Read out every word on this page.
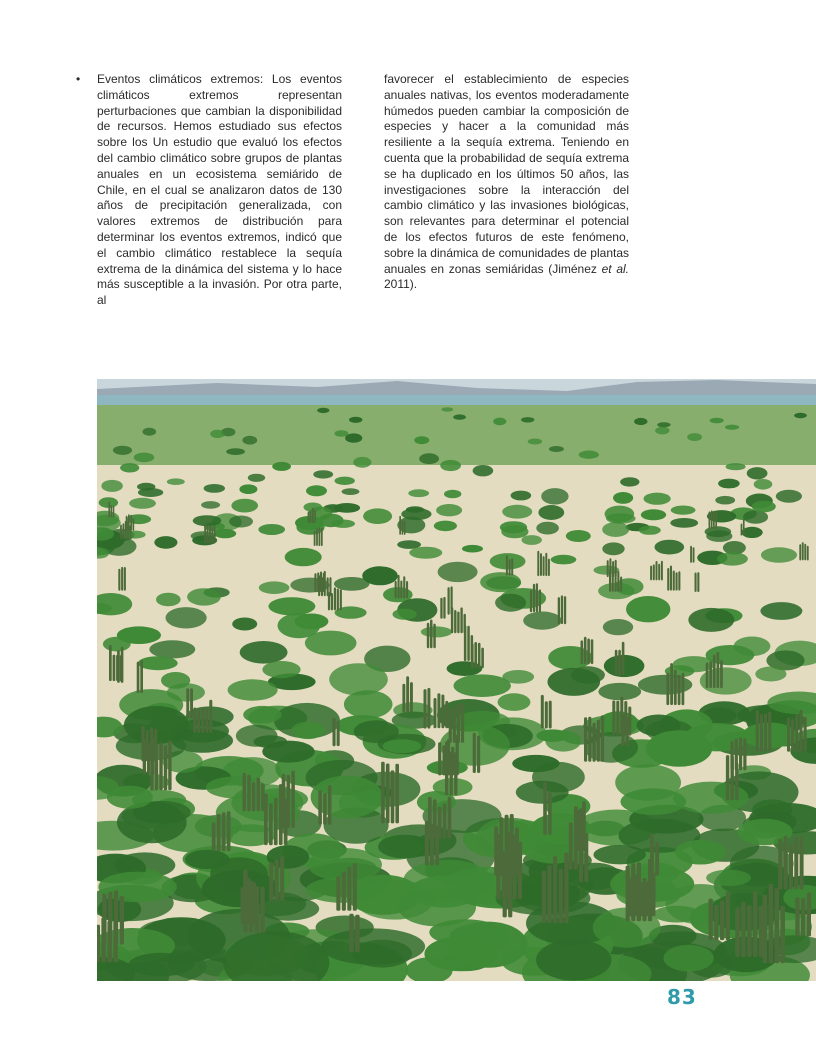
• Eventos climáticos extremos: Los eventos climáticos extremos representan perturbaciones que cambian la disponibilidad de recursos. Hemos estudiado sus efectos sobre los Un estudio que evaluó los efectos del cambio climático sobre grupos de plantas anuales en un ecosistema semiárido de Chile, en el cual se analizaron datos de 130 años de precipitación generalizada, con valores extremos de distribución para determinar los eventos extremos, indicó que el cambio climático restablece la sequía extrema de la dinámica del sistema y lo hace más susceptible a la invasión. Por otra parte, al
favorecer el establecimiento de especies anuales nativas, los eventos moderadamente húmedos pueden cambiar la composición de especies y hacer a la comunidad más resiliente a la sequía extrema. Teniendo en cuenta que la probabilidad de sequía extrema se ha duplicado en los últimos 50 años, las investigaciones sobre la interacción del cambio climático y las invasiones biológicas, son relevantes para determinar el potencial de los efectos futuros de este fenómeno, sobre la dinámica de comunidades de plantas anuales en zonas semiáridas (Jiménez et al. 2011).
83
